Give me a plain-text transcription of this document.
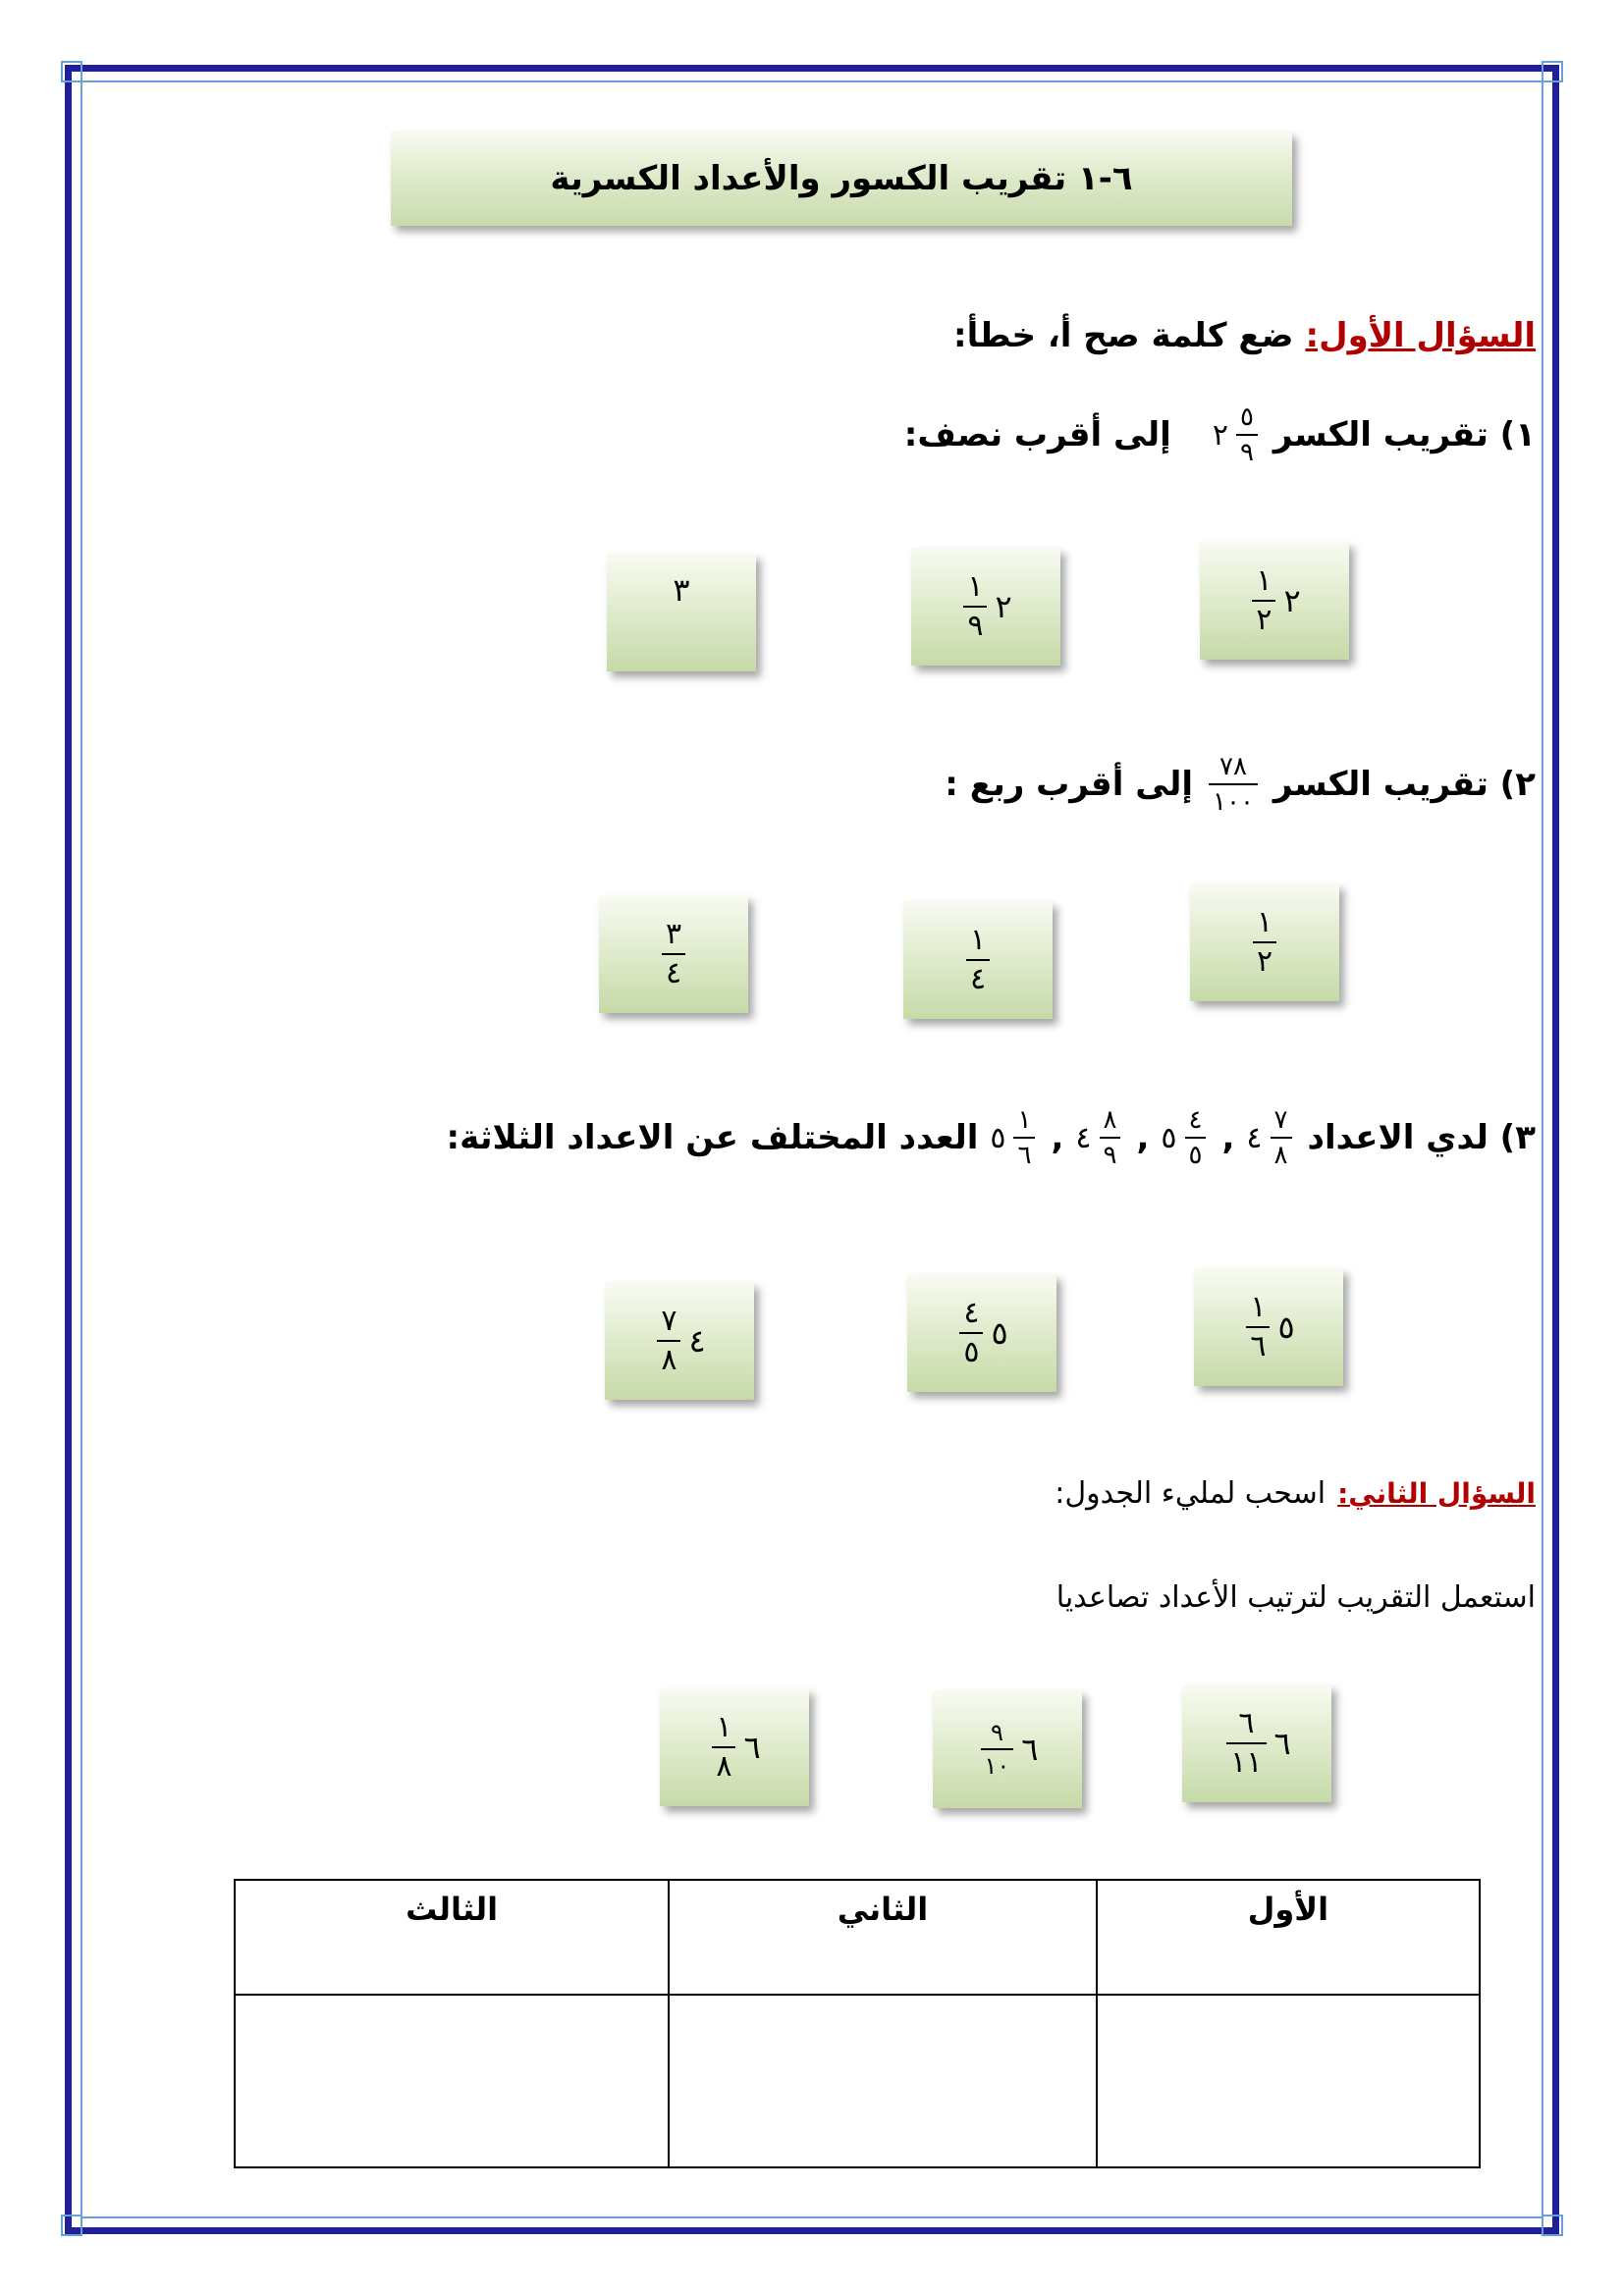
٦-١ تقريب الكسور والأعداد الكسرية
السؤال الأول:
ضع كلمة صح أ، خطأ:
١) تقريب الكسر
$\frac{٥}{٩}$
٢
إلى أقرب نصف:
٢
$\frac{١}{٢}$
٢
$\frac{١}{٩}$
٣
٢) تقريب الكسر
$\frac{٧٨}{١٠٠}$
إلى أقرب ربع :
$\frac{١}{٢}$
$\frac{١}{٤}$
$\frac{٣}{٤}$
٣) لدي الاعداد
$\frac{٧}{٨}$
٤
,
$\frac{٤}{٥}$
٥
,
$\frac{٨}{٩}$
٤
,
$\frac{١}{٦}$
٥
العدد المختلف عن الاعداد الثلاثة:
٥
$\frac{١}{٦}$
٥
$\frac{٤}{٥}$
٤
$\frac{٧}{٨}$
السؤال الثاني:
اسحب لمليء الجدول:
استعمل التقريب لترتيب الأعداد تصاعديا
٦
$\frac{٦}{١١}$
٦
$\frac{٩}{١٠}$
٦
$\frac{١}{٨}$
الأول	الثاني	الثالث
